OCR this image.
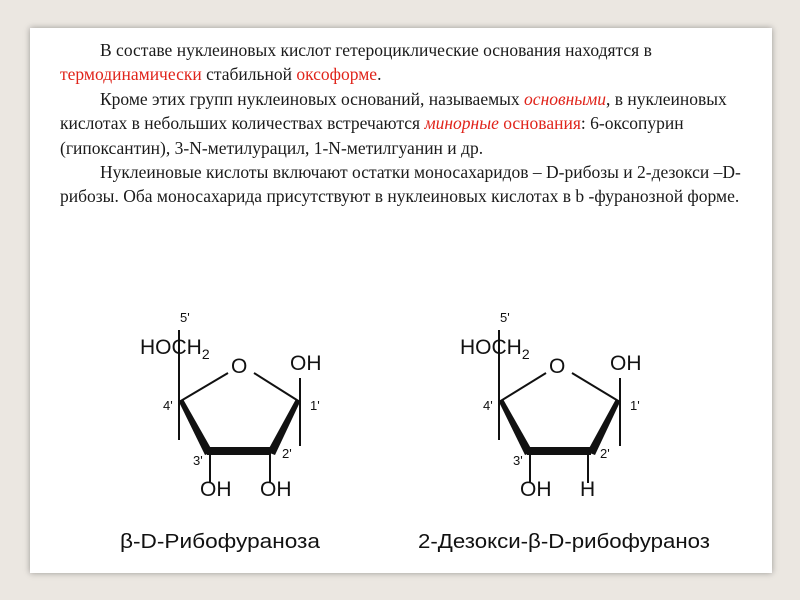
В составе нуклеиновых кислот гетероциклические основания находятся в термодинамически стабильной оксоформе.

Кроме этих групп нуклеиновых оснований, называемых основными, в нуклеиновых кислотах в небольших количествах встречаются минорные основания: 6-оксопурин (гипоксантин), 3-N-метилурацил, 1-N-метилгуанин и др.

Нуклеиновые кислоты включают остатки моносахаридов – D-рибозы и 2-дезокси –D-рибозы. Оба моносахарида присутствуют в нуклеиновых кислотах в b -фуранозной форме.

5'
$HOCH_2$
O OH
4'	1'
3'	2'
OH OH
β-D-Рибофураноза
5'
$HOCH_2$
O OH
4'	1'
3'	2'
OH H
2-Дезокси-β-D-рибофураноз
